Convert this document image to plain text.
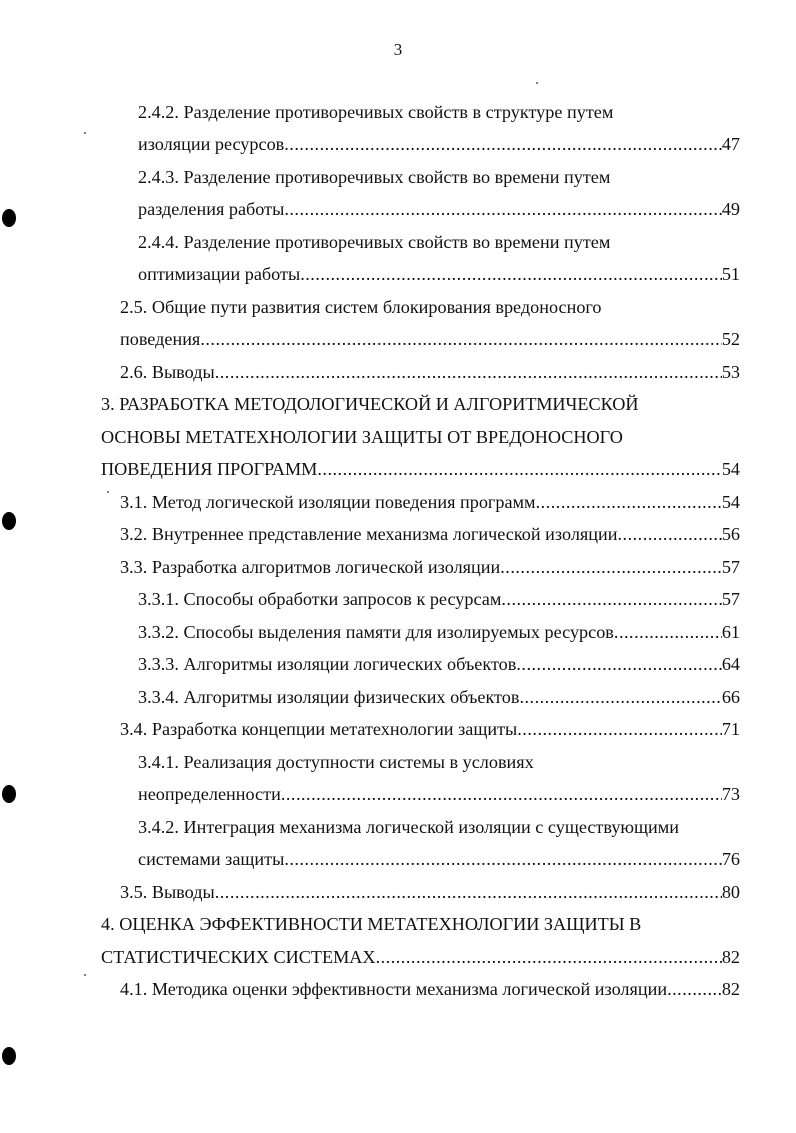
3
2.4.2. Разделение противоречивых свойств в структуре путем
изоляции ресурсов .....	47
2.4.3. Разделение противоречивых свойств во времени путем
разделения работы .....	49
2.4.4. Разделение противоречивых свойств во времени путем
оптимизации работы .....	51
2.5. Общие пути развития систем блокирования вредоносного
поведения .....	52
2.6. Выводы .....	53
3. РАЗРАБОТКА МЕТОДОЛОГИЧЕСКОЙ И АЛГОРИТМИЧЕСКОЙ
ОСНОВЫ МЕТАТЕХНОЛОГИИ ЗАЩИТЫ ОТ ВРЕДОНОСНОГО
ПОВЕДЕНИЯ ПРОГРАММ .....	54
3.1. Метод логической изоляции поведения программ .....	54
3.2. Внутреннее представление механизма логической изоляции .....	56
3.3. Разработка алгоритмов логической изоляции .....	57
3.3.1. Способы обработки запросов к ресурсам .....	57
3.3.2. Способы выделения памяти для изолируемых ресурсов .....	61
3.3.3. Алгоритмы изоляции логических объектов .....	64
3.3.4. Алгоритмы изоляции физических объектов .....	66
3.4. Разработка концепции метатехнологии защиты .....	71
3.4.1. Реализация доступности системы в условиях
неопределенности .....	73
3.4.2. Интеграция механизма логической изоляции с существующими
системами защиты .....	76
3.5. Выводы .....	80
4. ОЦЕНКА ЭФФЕКТИВНОСТИ МЕТАТЕХНОЛОГИИ ЗАЩИТЫ В
СТАТИСТИЧЕСКИХ СИСТЕМАХ .....	82
4.1. Методика оценки эффективности механизма логической изоляции .....	82
